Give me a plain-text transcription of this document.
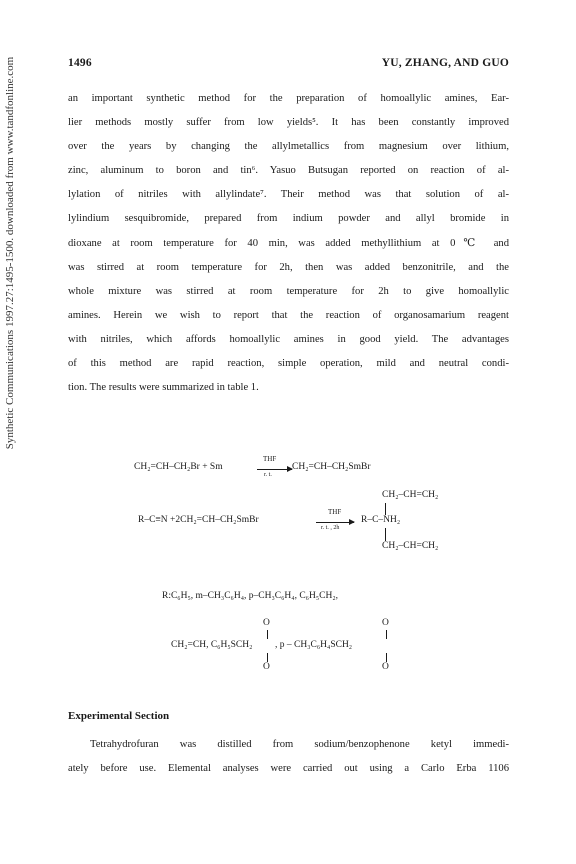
1496	YU, ZHANG, AND GUO
Synthetic Communications 1997.27:1495-1500. downloaded from www.tandfonline.com	an important synthetic method for the preparation of homoallylic amines, Ear-
lier methods mostly suffer from low yields⁵. It has been constantly improved
over the years by changing the allylmetallics from magnesium over lithium,
zinc, aluminum to boron and tin⁶. Yasuo Butsugan reported on reaction of al-
lylation of nitriles with allylindate⁷. Their method was that solution of al-
lylindium sesquibromide, prepared from indium powder and allyl bromide in
dioxane at room temperature for 40 min, was added methyllithium at 0℃ and
was stirred at room temperature for 2h, then was added benzonitrile, and the
whole mixture was stirred at room temperature for 2h to give homoallylic
amines. Herein we wish to report that the reaction of organosamarium reagent
with nitriles, which affords homoallylic amines in good yield. The advantages
of this method are rapid reaction, simple operation, mild and neutral condi-
tion. The results were summarized in table 1.
CH₂=CH–CH₂Br + Sm
THF
r. t.
CH₂=CH–CH₂SmBr
CH₂–CH=CH₂
R–C≡N +2CH₂=CH–CH₂SmBr
THF
r. t. , 2h
R–C–NH₂
CH₂–CH=CH₂
R:C₆H₅, m–CH₃C₆H₄, p–CH₃C₆H₄, C₆H₅CH₂,
O	O
CH₂=CH, C₆H₅SCH₂ , p – CH₃C₆H₄SCH₂
O	O
Experimental Section
Tetrahydrofuran was distilled from sodium/benzophenone ketyl immedi-
ately before use. Elemental analyses were carried out using a Carlo Erba 1106
